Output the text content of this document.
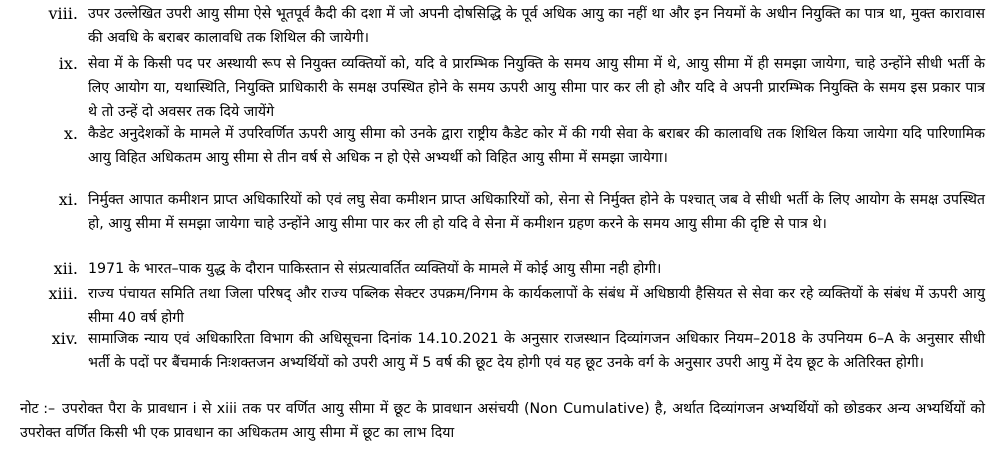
viii. उपर उल्लेखित उपरी आयु सीमा ऐसे भूतपूर्व कैदी की दशा में जो अपनी दोषसिद्धि के पूर्व अधिक आयु का नहीं था और इन नियमों के अधीन नियुक्ति का पात्र था, मुक्त कारावास की अवधि के बराबर कालावधि तक शिथिल की जायेगी।
ix. सेवा में के किसी पद पर अस्थायी रूप से नियुक्त व्यक्तियों को, यदि वे प्रारम्भिक नियुक्ति के समय आयु सीमा में थे, आयु सीमा में ही समझा जायेगा, चाहे उन्होंने सीधी भर्ती के लिए आयोग या, यथास्थिति, नियुक्ति प्राधिकारी के समक्ष उपस्थित होने के समय ऊपरी आयु सीमा पार कर ली हो और यदि वे अपनी प्रारम्भिक नियुक्ति के समय इस प्रकार पात्र थे तो उन्हें दो अवसर तक दिये जायेंगे
x. कैडेट अनुदेशकों के मामले में उपरिवर्णित ऊपरी आयु सीमा को उनके द्वारा राष्ट्रीय कैडेट कोर में की गयी सेवा के बराबर की कालावधि तक शिथिल किया जायेगा यदि पारिणामिक आयु विहित अधिकतम आयु सीमा से तीन वर्ष से अधिक न हो ऐसे अभ्यर्थी को विहित आयु सीमा में समझा जायेगा।
xi. निर्मुक्त आपात कमीशन प्राप्त अधिकारियों को एवं लघु सेवा कमीशन प्राप्त अधिकारियों को, सेना से निर्मुक्त होने के पश्चात् जब वे सीधी भर्ती के लिए आयोग के समक्ष उपस्थित हो, आयु सीमा में समझा जायेगा चाहे उन्होंने आयु सीमा पार कर ली हो यदि वे सेना में कमीशन ग्रहण करने के समय आयु सीमा की दृष्टि से पात्र थे।
xii. 1971 के भारत–पाक युद्ध के दौरान पाकिस्तान से संप्रत्यावर्तित व्यक्तियों के मामले में कोई आयु सीमा नही होगी।
xiii. राज्य पंचायत समिति तथा जिला परिषद् और राज्य पब्लिक सेक्टर उपक्रम/निगम के कार्यकलापों के संबंध में अधिष्ठायी हैसियत से सेवा कर रहे व्यक्तियों के संबंध में ऊपरी आयु सीमा 40 वर्ष होगी
xiv. सामाजिक न्याय एवं अधिकारिता विभाग की अधिसूचना दिनांक 14.10.2021 के अनुसार राजस्थान दिव्यांगजन अधिकार नियम–2018 के उपनियम 6–A के अनुसार सीधी भर्ती के पदों पर बैंचमार्क निःशक्तजन अभ्यर्थियों को उपरी आयु में 5 वर्ष की छूट देय होगी एवं यह छूट उनके वर्ग के अनुसार उपरी आयु में देय छूट के अतिरिक्त होगी।
नोट :– उपरोक्त पैरा के प्रावधान i से xiii तक पर वर्णित आयु सीमा में छूट के प्रावधान असंचयी (Non Cumulative) है, अर्थात दिव्यांगजन अभ्यर्थियों को छोडकर अन्य अभ्यर्थियों को उपरोक्त वर्णित किसी भी एक प्रावधान का अधिकतम आयु सीमा में छूट का लाभ दिया
